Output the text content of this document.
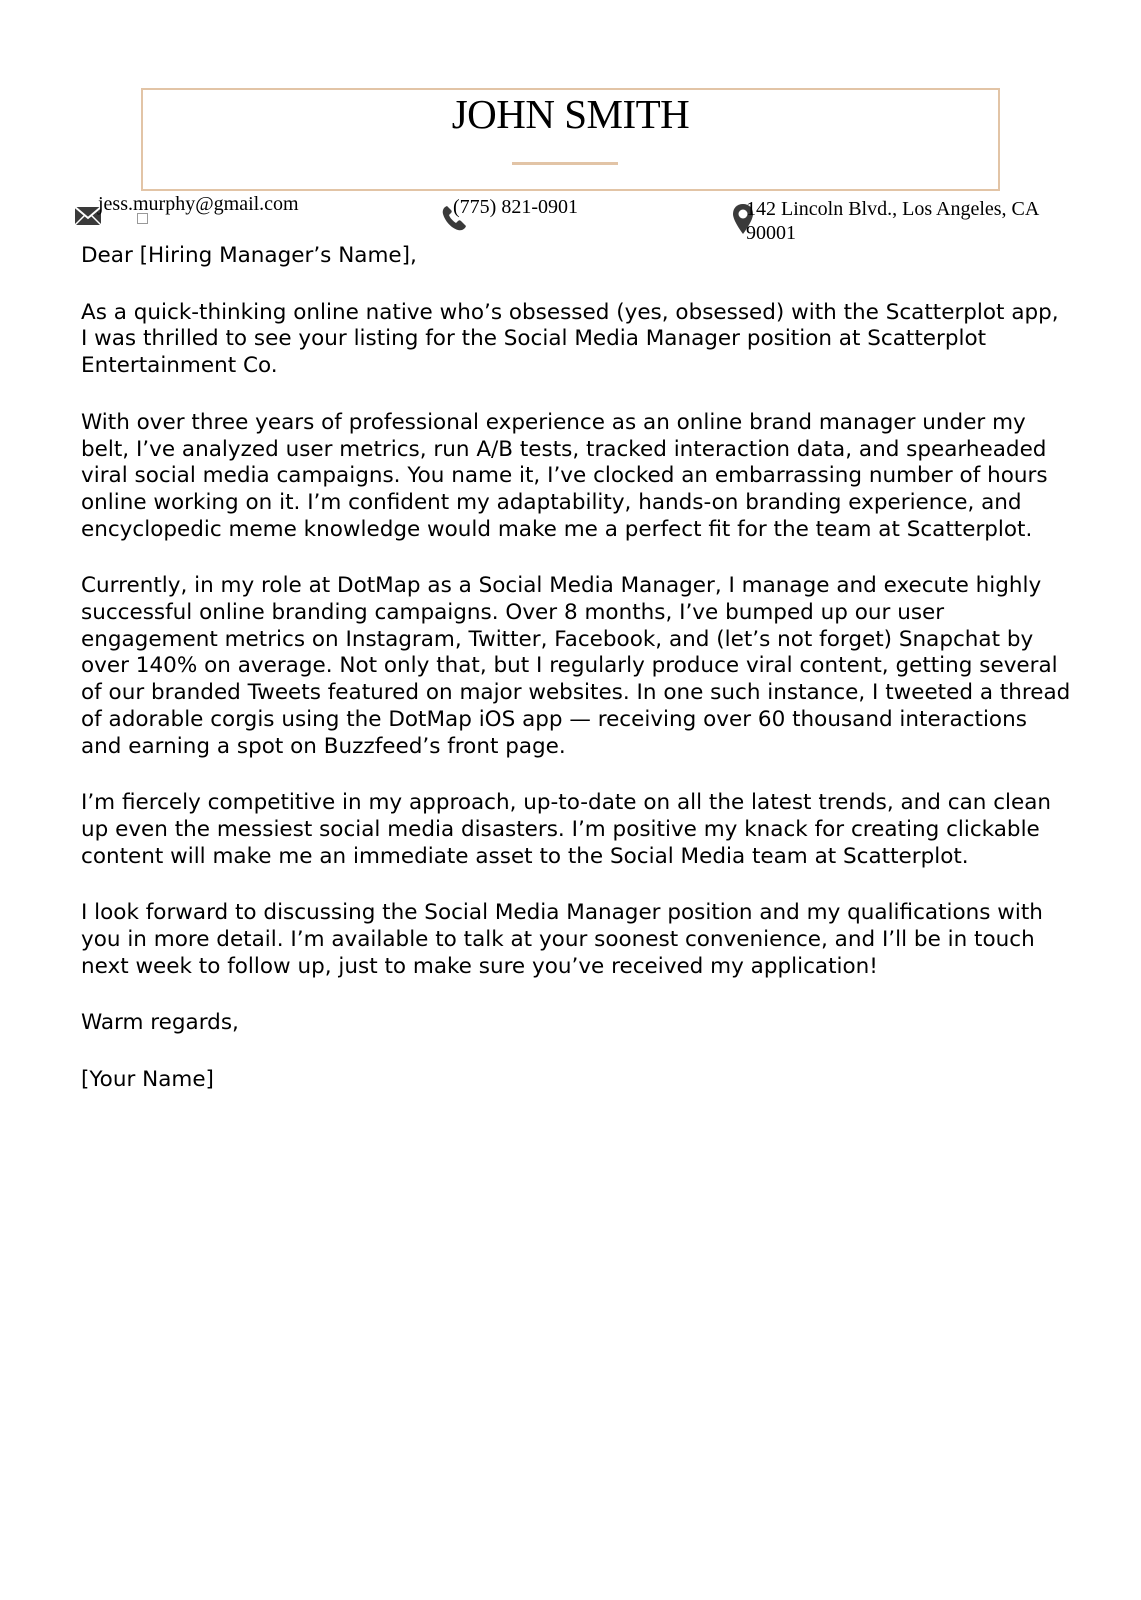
JOHN SMITH
jess.murphy@gmail.com	(775) 821-0901	142 Lincoln Blvd., Los Angeles, CA 90001

Dear [Hiring Manager’s Name],

As a quick-thinking online native who’s obsessed (yes, obsessed) with the Scatterplot app, I was thrilled to see your listing for the Social Media Manager position at Scatterplot Entertainment Co.

With over three years of professional experience as an online brand manager under my belt, I’ve analyzed user metrics, run A/B tests, tracked interaction data, and spearheaded viral social media campaigns. You name it, I’ve clocked an embarrassing number of hours online working on it. I’m confident my adaptability, hands-on branding experience, and encyclopedic meme knowledge would make me a perfect fit for the team at Scatterplot.

Currently, in my role at DotMap as a Social Media Manager, I manage and execute highly successful online branding campaigns. Over 8 months, I’ve bumped up our user engagement metrics on Instagram, Twitter, Facebook, and (let’s not forget) Snapchat by over 140% on average. Not only that, but I regularly produce viral content, getting several of our branded Tweets featured on major websites. In one such instance, I tweeted a thread of adorable corgis using the DotMap iOS app — receiving over 60 thousand interactions and earning a spot on Buzzfeed’s front page.

I’m fiercely competitive in my approach, up-to-date on all the latest trends, and can clean up even the messiest social media disasters. I’m positive my knack for creating clickable content will make me an immediate asset to the Social Media team at Scatterplot.

I look forward to discussing the Social Media Manager position and my qualifications with you in more detail. I’m available to talk at your soonest convenience, and I’ll be in touch next week to follow up, just to make sure you’ve received my application!

Warm regards,

[Your Name]
